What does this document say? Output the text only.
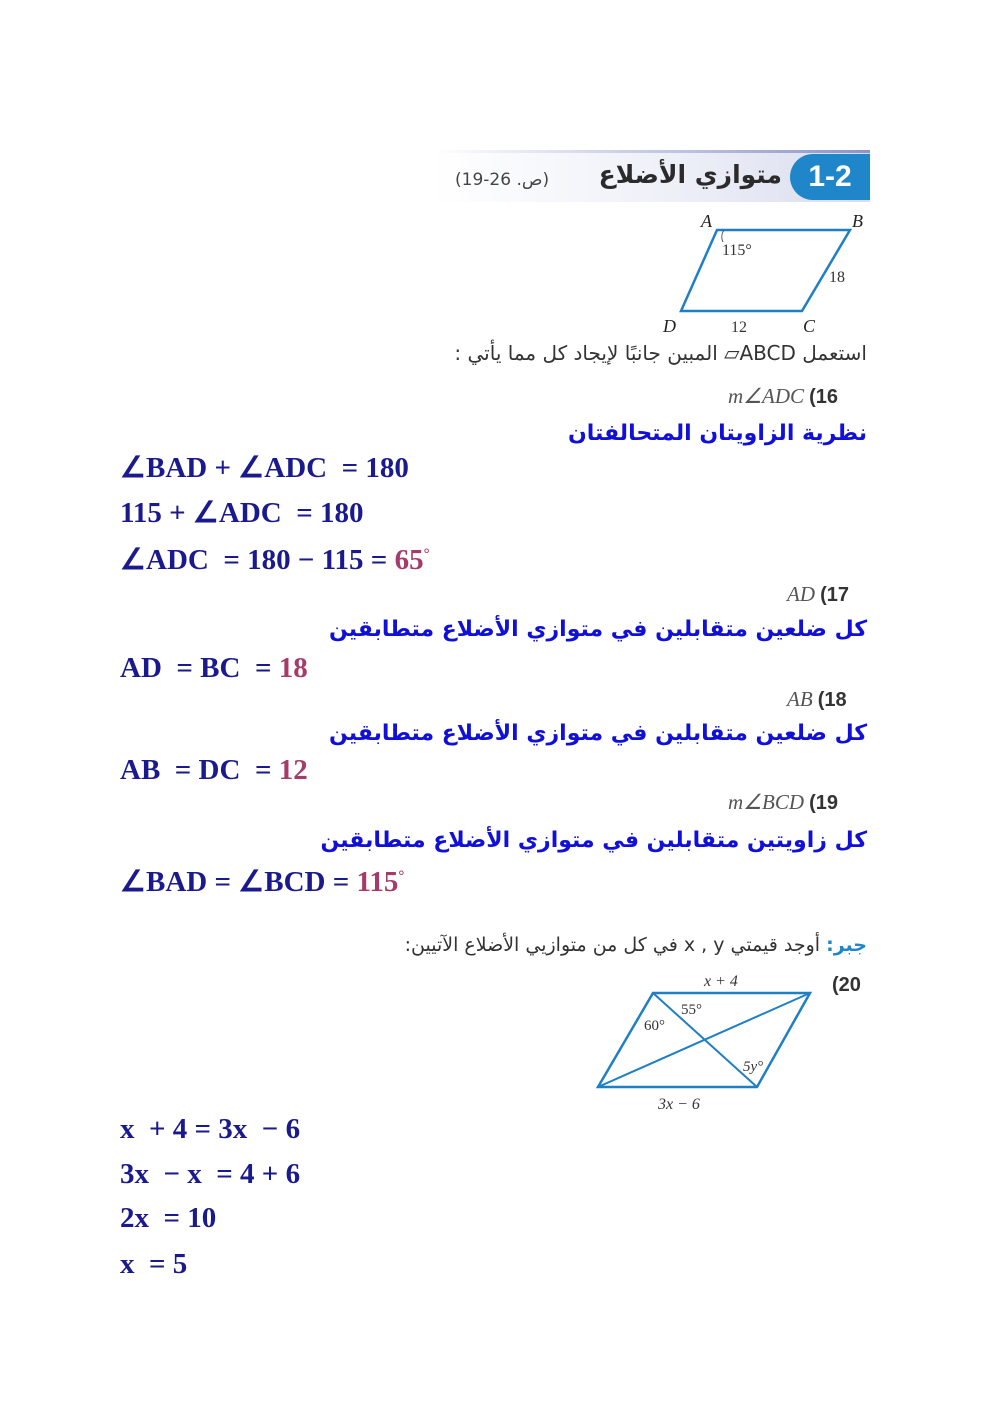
1-2
متوازي الأضلاع
(ص. 26-19)
A	B
C
D
115°
18
12
استعمل ABCD▱ المبين جانبًا لإيجاد كل مما يأتي :
m∠ADC (16
نظرية الزاويتان المتحالفتان
∠BAD + ∠ADC  = 180
115 + ∠ADC  = 180
∠ADC  = 180 − 115 = 65°
AD (17
كل ضلعين متقابلين في متوازي الأضلاع متطابقين
AD  = BC  = 18
AB (18
كل ضلعين متقابلين في متوازي الأضلاع متطابقين
AB  = DC  = 12
m∠BCD (19
كل زاويتين متقابلين في متوازي الأضلاع متطابقين
∠BAD = ∠BCD = 115°
جبر: أوجد قيمتي x , y في كل من متوازيي الأضلاع الآتيين:
(20
x + 4
55°
60°
5y°
3x − 6
x  + 4 = 3x  − 6
3x  − x  = 4 + 6
2x  = 10
x  = 5
